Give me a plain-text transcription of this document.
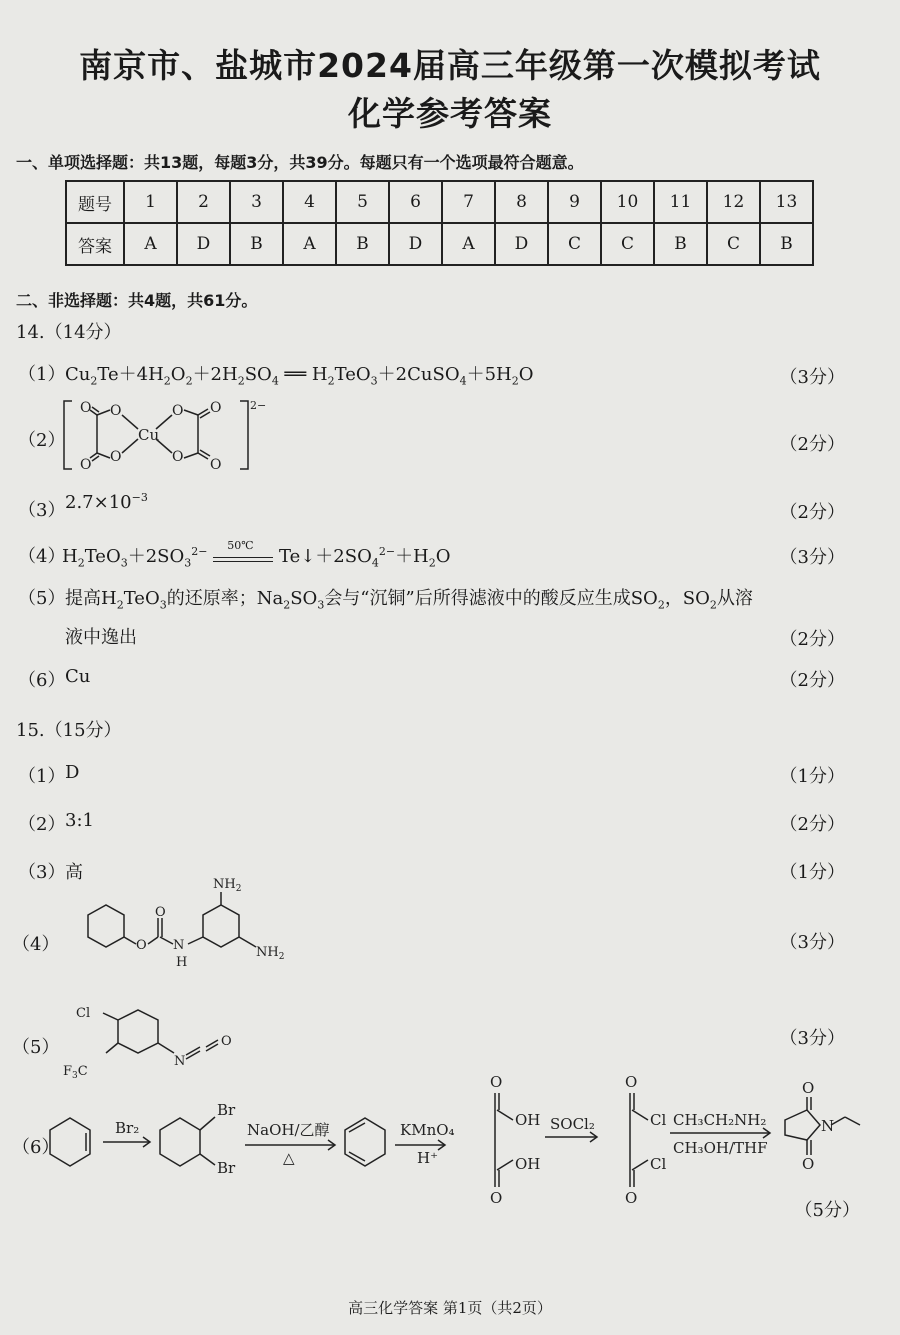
南京市、盐城市2024届高三年级第一次模拟考试
化学参考答案
一、单项选择题：共13题，每题3分，共39分。每题只有一个选项最符合题意。
题号	1	2	3	4	5	6	7	8	9	10	11	12	13
答案	A	D	B	A	B	D	A	D	C	C	B	C	B
二、非选择题：共4题，共61分。
14.（14分）
（1） $Cu_2Te+4H_2O_2+2H_2SO_4$ ══ $H_2TeO_3+2CuSO_4+5H_2O$	（3分）
（2）
O O
O O
O
O
O
O
Cu
2−
（2分）
（3） $2.7\times 10^{-3}$
（2分）
（4）
$H_2TeO_3+2SO_3^{2-}$ 50℃
$Te↓+2SO_4^{2-}+H_2O$	（3分）
（5） 提高$H_2TeO_3$的还原率；$Na_2SO_3$会与“沉铜”后所得滤液中的酸反应生成$SO_2$，$SO_2$从溶
液中逸出	（2分）
（6） Cu	（2分）
15.（15分）
（1） D	（1分）
（2） 3:1	（2分）
（3） 高	（1分）
（4）	O
O
N
H
$NH_2$
$NH_2$
（3分）
（5）
Cl
$F_3C$
N
O	（3分）
（6）
Br
Br
O
OH
OH
O
O
Cl
Cl
O
O
N
O
Br₂	NaOH/乙醇
△
KMnO₄
H⁺
SOCl₂	CH₃CH₂NH₂
CH₃OH/THF
（5分）
高三化学答案 第1页（共2页）
